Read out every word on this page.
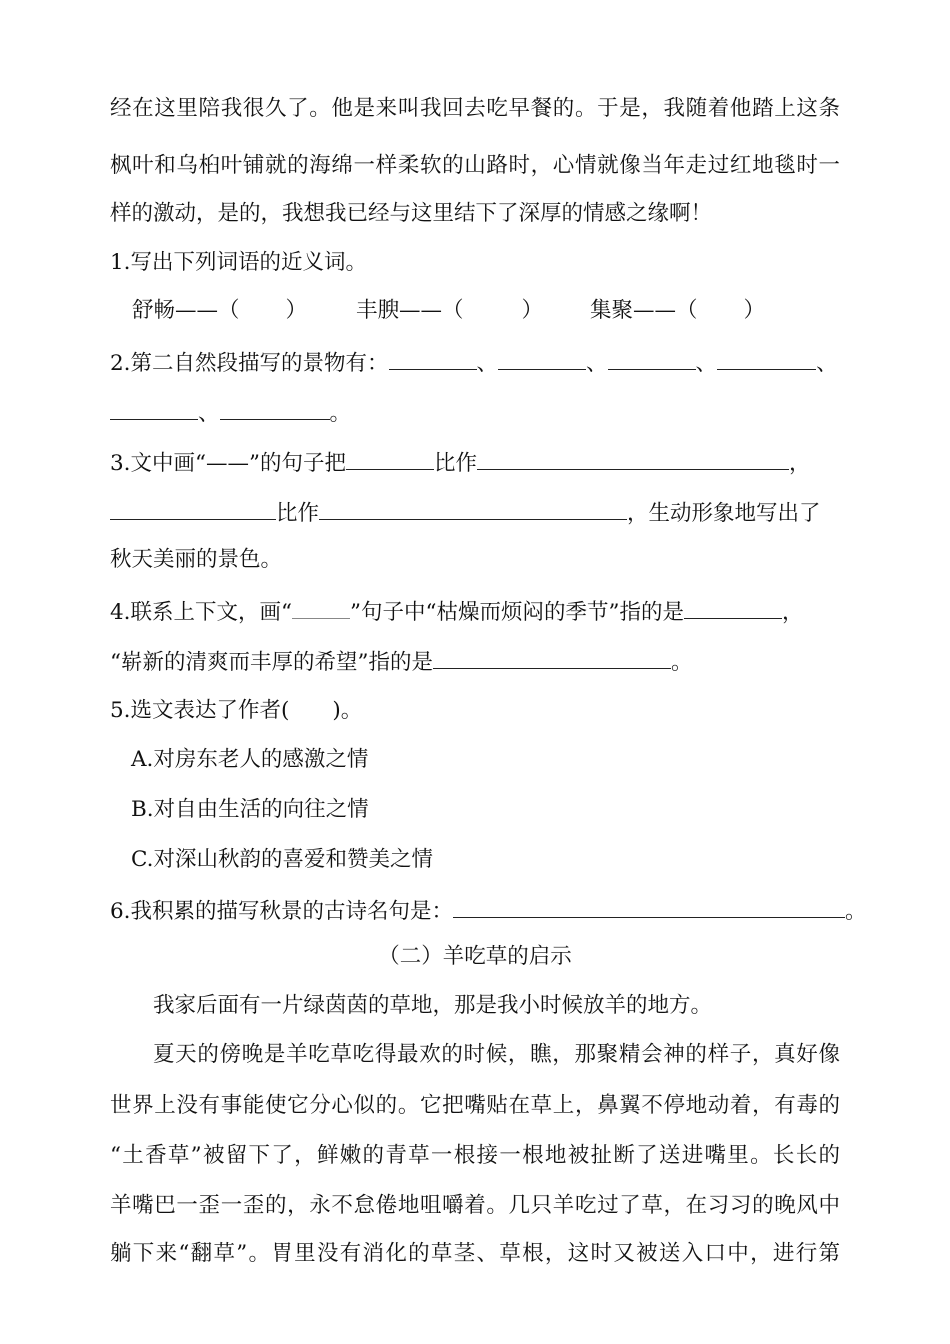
经在这里陪我很久了。他是来叫我回去吃早餐的。于是，我随着他踏上这条
枫叶和乌桕叶铺就的海绵一样柔软的山路时，心情就像当年走过红地毯时一
样的激动，是的，我想我已经与这里结下了深厚的情感之缘啊！
1.写出下列词语的近义词。
舒畅——（ ） 丰腴——（	） 集聚——（ ）
2.第二自然段描写的景物有：	、	、	、	、
、	。
3.文中画“——”的句子把	比作	，
比作	，生动形象地写出了
秋天美丽的景色。
4.联系上下文，画“	”句子中“枯燥而烦闷的季节”指的是	，
“崭新的清爽而丰厚的希望”指的是	。
5.选文表达了作者(　　)。
A.对房东老人的感激之情
B.对自由生活的向往之情
C.对深山秋韵的喜爱和赞美之情
6.我积累的描写秋景的古诗名句是：	。
（二）羊吃草的启示
我家后面有一片绿茵茵的草地，那是我小时候放羊的地方。
夏天的傍晚是羊吃草吃得最欢的时候，瞧，那聚精会神的样子，真好像
世界上没有事能使它分心似的。它把嘴贴在草上，鼻翼不停地动着，有毒的
“土香草”被留下了，鲜嫩的青草一根接一根地被扯断了送进嘴里。长长的
羊嘴巴一歪一歪的，永不怠倦地咀嚼着。几只羊吃过了草，在习习的晚风中
躺下来“翻草”。胃里没有消化的草茎、草根，这时又被送入口中，进行第
